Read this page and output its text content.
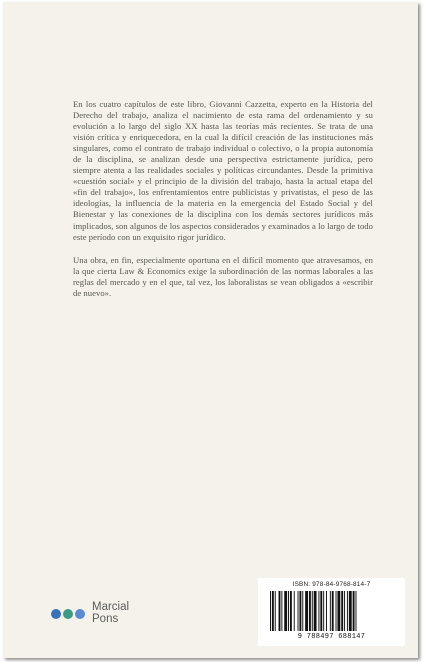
En los cuatro capítulos de este libro, Giovanni Cazzetta, experto en la Historia del Derecho del trabajo, analiza el nacimiento de esta rama del ordenamiento y su evolución a lo largo del siglo XX hasta las teorías más recientes. Se trata de una visión crítica y enriquecedora, en la cual la difícil creación de las instituciones más singulares, como el contrato de trabajo individual o colectivo, o la propia autonomía de la disciplina, se analizan desde una perspectiva estrictamente jurídica, pero siempre atenta a las realidades sociales y políticas circundantes. Desde la primitiva «cuestión social» y el principio de la división del trabajo, hasta la actual etapa del «fin del trabajo», los enfrentamientos entre publicistas y privatistas, el peso de las ideologías, la influencia de la materia en la emergencia del Estado Social y del Bienestar y las conexiones de la disciplina con los demás sectores jurídicos más implicados, son algunos de los aspectos considerados y examinados a lo largo de todo este período con un exquisito rigor jurídico.

Una obra, en fin, especialmente oportuna en el difícil momento que atravesamos, en la que cierta Law & Economics exige la subordinación de las normas laborales a las reglas del mercado y en el que, tal vez, los laboralistas se vean obligados a «escribir de nuevo».

Marcial
Pons
ISBN: 978-84-9768-814-7
9 788497 688147
